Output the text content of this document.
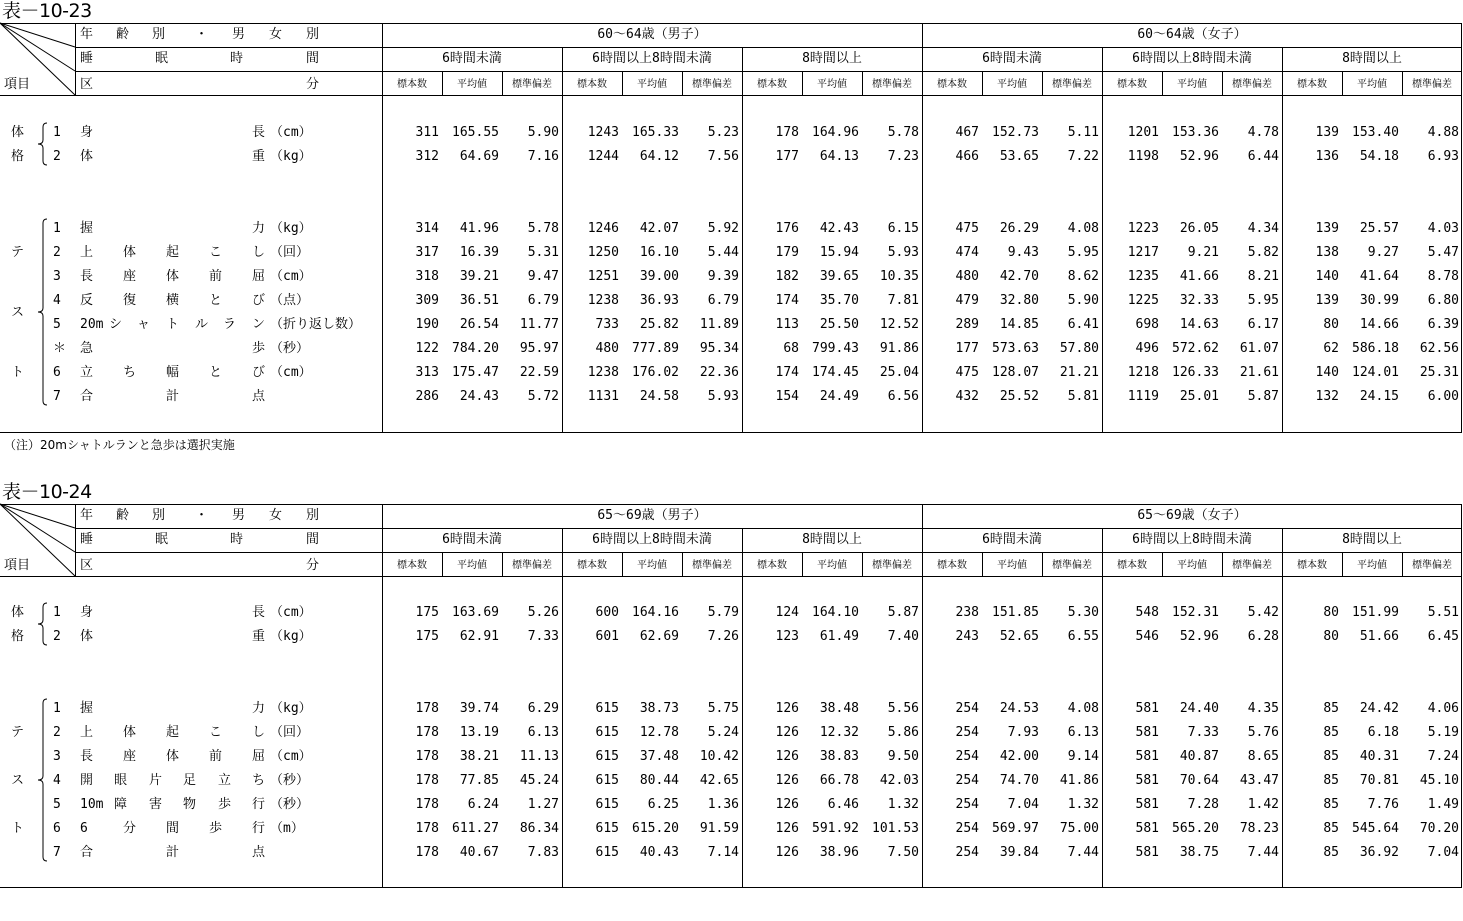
表－10-23
年 齢 別 ・ 男 女 別
睡	眠	時	間
項目	区	分
60～64歳（男子）	60～64歳（女子）
6時間未満	6時間以上8時間未満	8時間以上	6時間未満	6時間以上8時間未満	8時間以上
標本数	平均値	標準偏差	標本数	平均値	標準偏差	標本数	平均値	標準偏差	標本数	平均値	標準偏差	標本数	平均値	標準偏差	標本数	平均値	標準偏差
体
格
1 身	長 （cm）	311	165.55	5.90	1243	165.33	5.23	178	164.96	5.78	467	152.73	5.11	1201	153.36	4.78	139	153.40	4.88
2 体	重 （kg）	312	64.69	7.16	1244	64.12	7.56	177	64.13	7.23	466	53.65	7.22	1198	52.96	6.44	136	54.18	6.93
テ
ス
ト
1 握	力 （kg）	314	41.96	5.78	1246	42.07	5.92	176	42.43	6.15	475	26.29	4.08	1223	26.05	4.34	139	25.57	4.03
2 上 体 起 こ し （回）	317	16.39	5.31	1250	16.10	5.44	179	15.94	5.93	474	9.43	5.95	1217	9.21	5.82	138	9.27	5.47
3 長 座 体 前 屈 （cm）	318	39.21	9.47	1251	39.00	9.39	182	39.65	10.35	480	42.70	8.62	1235	41.66	8.21	140	41.64	8.78
4 反 復 横 と び （点）	309	36.51	6.79	1238	36.93	6.79	174	35.70	7.81	479	32.80	5.90	1225	32.33	5.95	139	30.99	6.80
5 20m シ ャ ト ル ラ ン （折り返し数）	190	26.54	11.77	733	25.82	11.89	113	25.50	12.52	289	14.85	6.41	698	14.63	6.17	80	14.66	6.39
＊ 急	歩 （秒）	122	784.20	95.97	480	777.89	95.34	68	799.43	91.86	177	573.63	57.80	496	572.62	61.07	62	586.18	62.56
6 立 ち 幅 と び （cm）	313	175.47	22.59	1238	176.02	22.36	174	174.45	25.04	475	128.07	21.21	1218	126.33	21.61	140	124.01	25.31
7 合	計	点	286	24.43	5.72	1131	24.58	5.93	154	24.49	6.56	432	25.52	5.81	1119	25.01	5.87	132	24.15	6.00
（注）20mシャトルランと急歩は選択実施
表－10-24
年 齢 別 ・ 男 女 別
睡	眠	時	間
項目	区	分
65～69歳（男子）	65～69歳（女子）
6時間未満	6時間以上8時間未満	8時間以上	6時間未満	6時間以上8時間未満	8時間以上
標本数	平均値	標準偏差	標本数	平均値	標準偏差	標本数	平均値	標準偏差	標本数	平均値	標準偏差	標本数	平均値	標準偏差	標本数	平均値	標準偏差
体
格
1 身	長 （cm）	175	163.69	5.26	600	164.16	5.79	124	164.10	5.87	238	151.85	5.30	548	152.31	5.42	80	151.99	5.51
2 体	重 （kg）	175	62.91	7.33	601	62.69	7.26	123	61.49	7.40	243	52.65	6.55	546	52.96	6.28	80	51.66	6.45
テ
ス
ト
1 握	力 （kg）	178	39.74	6.29	615	38.73	5.75	126	38.48	5.56	254	24.53	4.08	581	24.40	4.35	85	24.42	4.06
2 上 体 起 こ し （回）	178	13.19	6.13	615	12.78	5.24	126	12.32	5.86	254	7.93	6.13	581	7.33	5.76	85	6.18	5.19
3 長 座 体 前 屈 （cm）	178	38.21	11.13	615	37.48	10.42	126	38.83	9.50	254	42.00	9.14	581	40.87	8.65	85	40.31	7.24
4 開 眼 片 足 立 ち （秒）	178	77.85	45.24	615	80.44	42.65	126	66.78	42.03	254	74.70	41.86	581	70.64	43.47	85	70.81	45.10
5 10m 障 害 物 歩 行 （秒）	178	6.24	1.27	615	6.25	1.36	126	6.46	1.32	254	7.04	1.32	581	7.28	1.42	85	7.76	1.49
6 6	分 間 歩 行 （m）	178	611.27	86.34	615	615.20	91.59	126	591.92	101.53	254	569.97	75.00	581	565.20	78.23	85	545.64	70.20
7 合	計	点	178	40.67	7.83	615	40.43	7.14	126	38.96	7.50	254	39.84	7.44	581	38.75	7.44	85	36.92	7.04
